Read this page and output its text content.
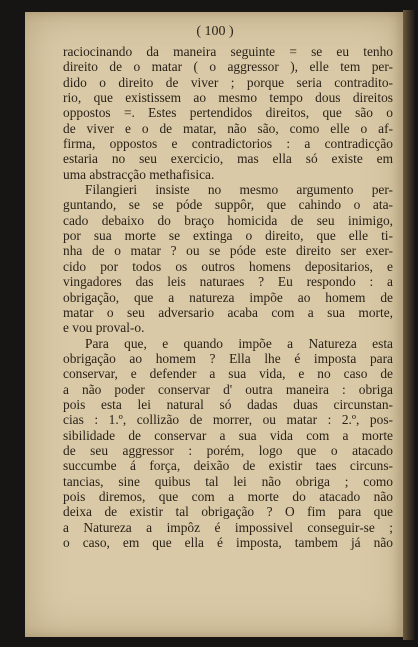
( 100 )
raciocinando da maneira seguinte = se eu tenho
direito de o matar ( o aggressor ), elle tem per-
dido o direito de viver ; porque seria contradito-
rio, que existissem ao mesmo tempo dous direitos
oppostos =. Estes pertendidos direitos, que são o
de viver e o de matar, não são, como elle o af-
firma, oppostos e contradictorios : a contradicção
estaria no seu exercicio, mas ella só existe em
uma abstracção methafisica.
Filangieri insiste no mesmo argumento per-
guntando, se se póde suppôr, que cahindo o ata-
cado debaixo do braço homicida de seu inimigo,
por sua morte se extinga o direito, que elle ti-
nha de o matar ? ou se póde este direito ser exer-
cido por todos os outros homens depositarios, e
vingadores das leis naturaes ? Eu respondo : a
obrigação, que a natureza impõe ao homem de
matar o seu adversario acaba com a sua morte,
e vou proval-o.
Para que, e quando impõe a Natureza esta
obrigação ao homem ? Ella lhe é imposta para
conservar, e defender a sua vida, e no caso de
a não poder conservar d' outra maneira : obriga
pois esta lei natural só dadas duas circunstan-
cias : 1.º, collizão de morrer, ou matar : 2.º, pos-
sibilidade de conservar a sua vida com a morte
de seu aggressor : porém, logo que o atacado
succumbe á força, deixão de existir taes circuns-
tancias, sine quibus tal lei não obriga ; como
pois diremos, que com a morte do atacado não
deixa de existir tal obrigação ? O fim para que
a Natureza a impôz é impossivel conseguir-se ;
o caso, em que ella é imposta, tambem já não
